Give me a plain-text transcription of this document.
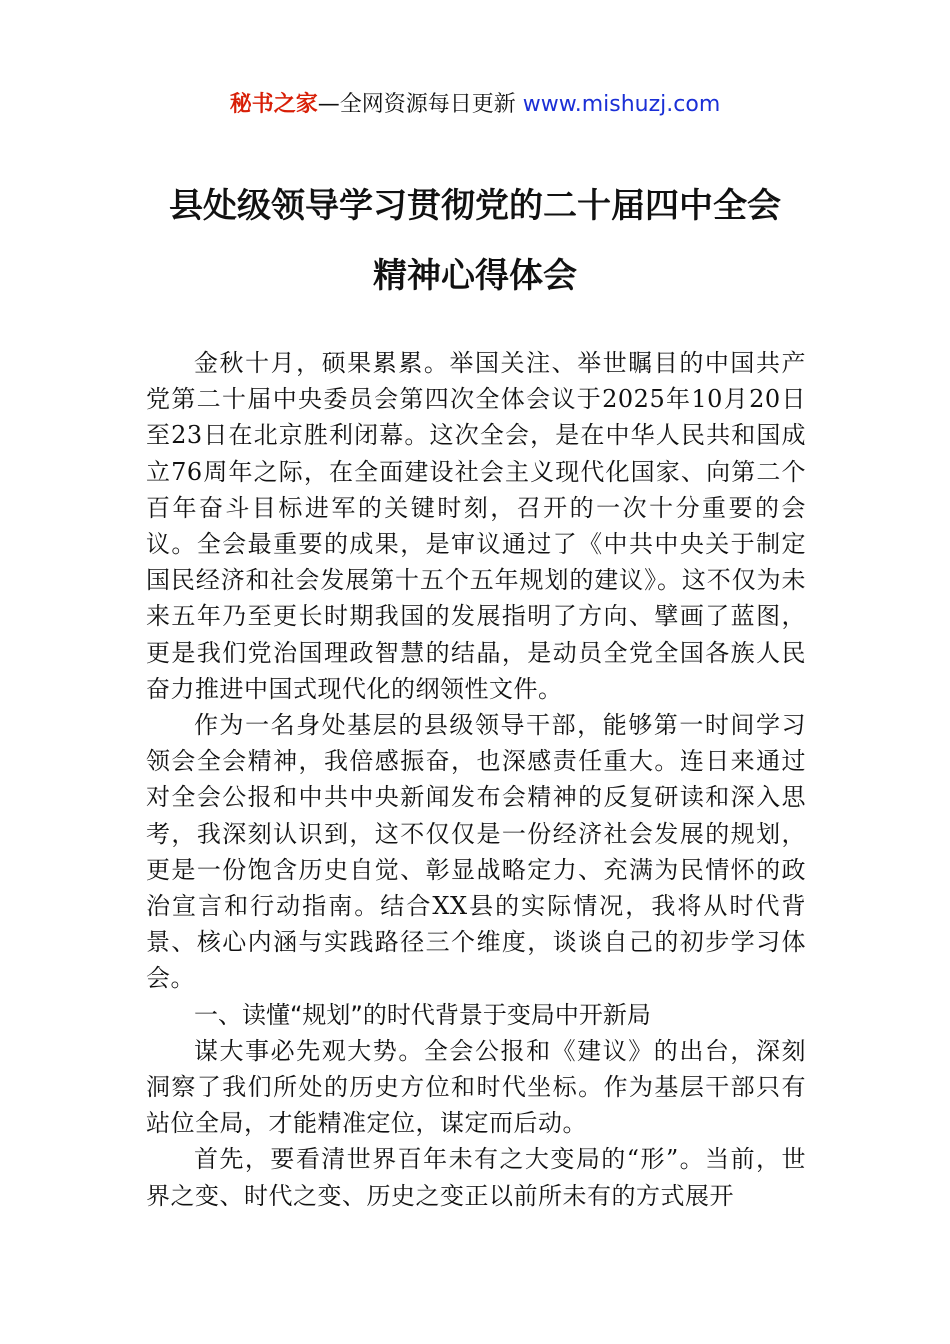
秘书之家—全网资源每日更新 www.mishuzj.com
县处级领导学习贯彻党的二十届四中全会
精神心得体会

金秋十月，硕果累累。举国关注、举世瞩目的中国共产党第二十届中央委员会第四次全体会议于2025年10月20日至23日在北京胜利闭幕。这次全会，是在中华人民共和国成立76周年之际，在全面建设社会主义现代化国家、向第二个百年奋斗目标进军的关键时刻，召开的一次十分重要的会议。全会最重要的成果，是审议通过了《中共中央关于制定国民经济和社会发展第十五个五年规划的建议》。这不仅为未来五年乃至更长时期我国的发展指明了方向、擘画了蓝图，更是我们党治国理政智慧的结晶，是动员全党全国各族人民奋力推进中国式现代化的纲领性文件。

作为一名身处基层的县级领导干部，能够第一时间学习领会全会精神，我倍感振奋，也深感责任重大。连日来通过对全会公报和中共中央新闻发布会精神的反复研读和深入思考，我深刻认识到，这不仅仅是一份经济社会发展的规划，更是一份饱含历史自觉、彰显战略定力、充满为民情怀的政治宣言和行动指南。结合XX县的实际情况，我将从时代背景、核心内涵与实践路径三个维度，谈谈自己的初步学习体会。

一、读懂“规划”的时代背景于变局中开新局

谋大事必先观大势。全会公报和《建议》的出台，深刻洞察了我们所处的历史方位和时代坐标。作为基层干部只有站位全局，才能精准定位，谋定而后动。

首先，要看清世界百年未有之大变局的“形”。当前，世界之变、时代之变、历史之变正以前所未有的方式展开
